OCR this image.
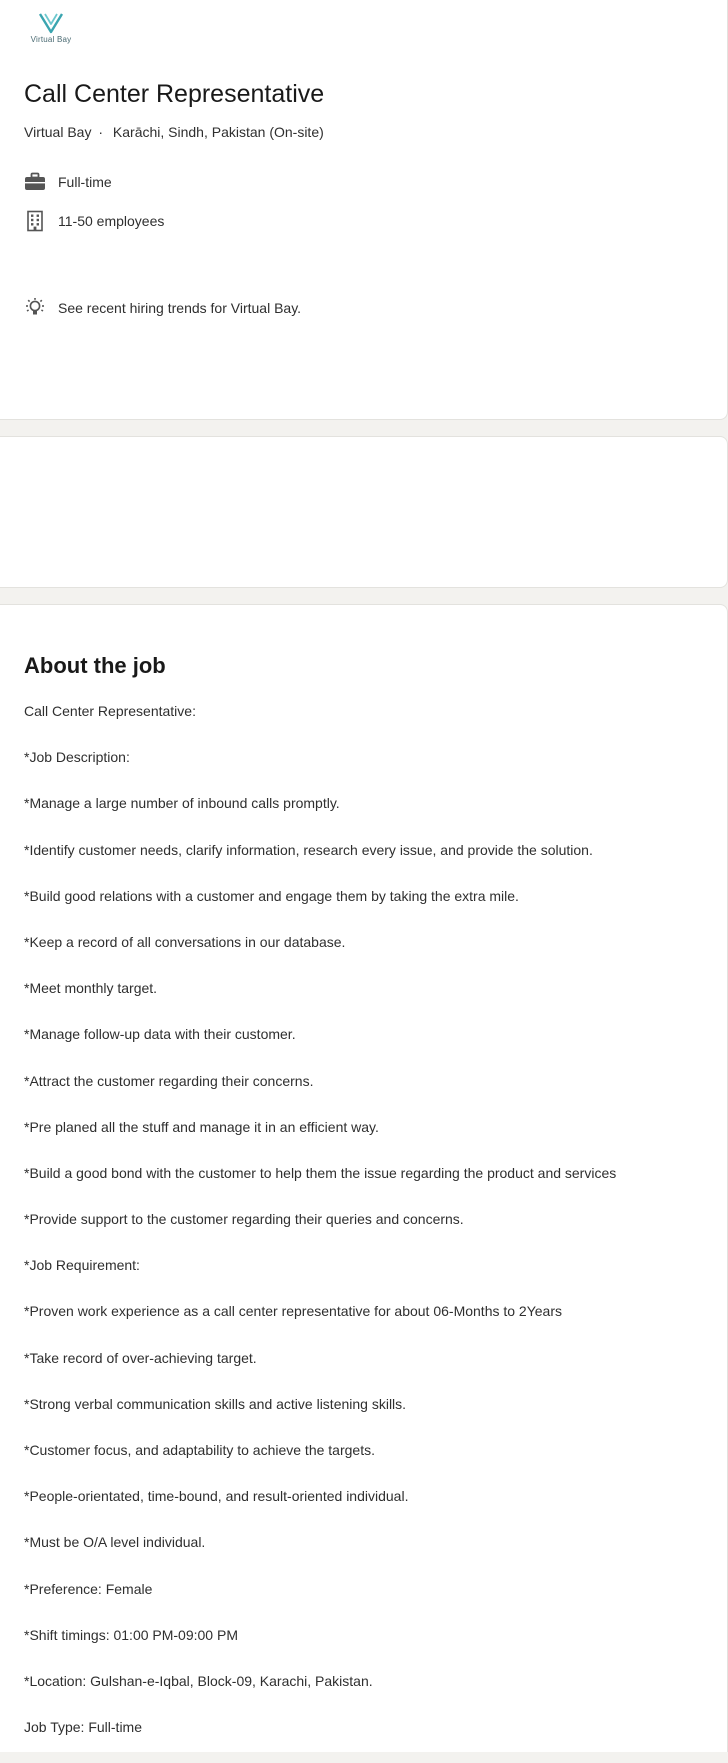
Virtual Bay
Call Center Representative
Virtual Bay · Karāchi, Sindh, Pakistan (On-site)
Full-time
11-50 employees
See recent hiring trends for Virtual Bay.
About the job
Call Center Representative:
*Job Description:
*Manage a large number of inbound calls promptly.
*Identify customer needs, clarify information, research every issue, and provide the solution.
*Build good relations with a customer and engage them by taking the extra mile.
*Keep a record of all conversations in our database.
*Meet monthly target.
*Manage follow-up data with their customer.
*Attract the customer regarding their concerns.
*Pre planed all the stuff and manage it in an efficient way.
*Build a good bond with the customer to help them the issue regarding the product and services
*Provide support to the customer regarding their queries and concerns.
*Job Requirement:
*Proven work experience as a call center representative for about 06-Months to 2Years
*Take record of over-achieving target.
*Strong verbal communication skills and active listening skills.
*Customer focus, and adaptability to achieve the targets.
*People-orientated, time-bound, and result-oriented individual.
*Must be O/A level individual.
*Preference: Female
*Shift timings: 01:00 PM-09:00 PM
*Location: Gulshan-e-Iqbal, Block-09, Karachi, Pakistan.
Job Type: Full-time
